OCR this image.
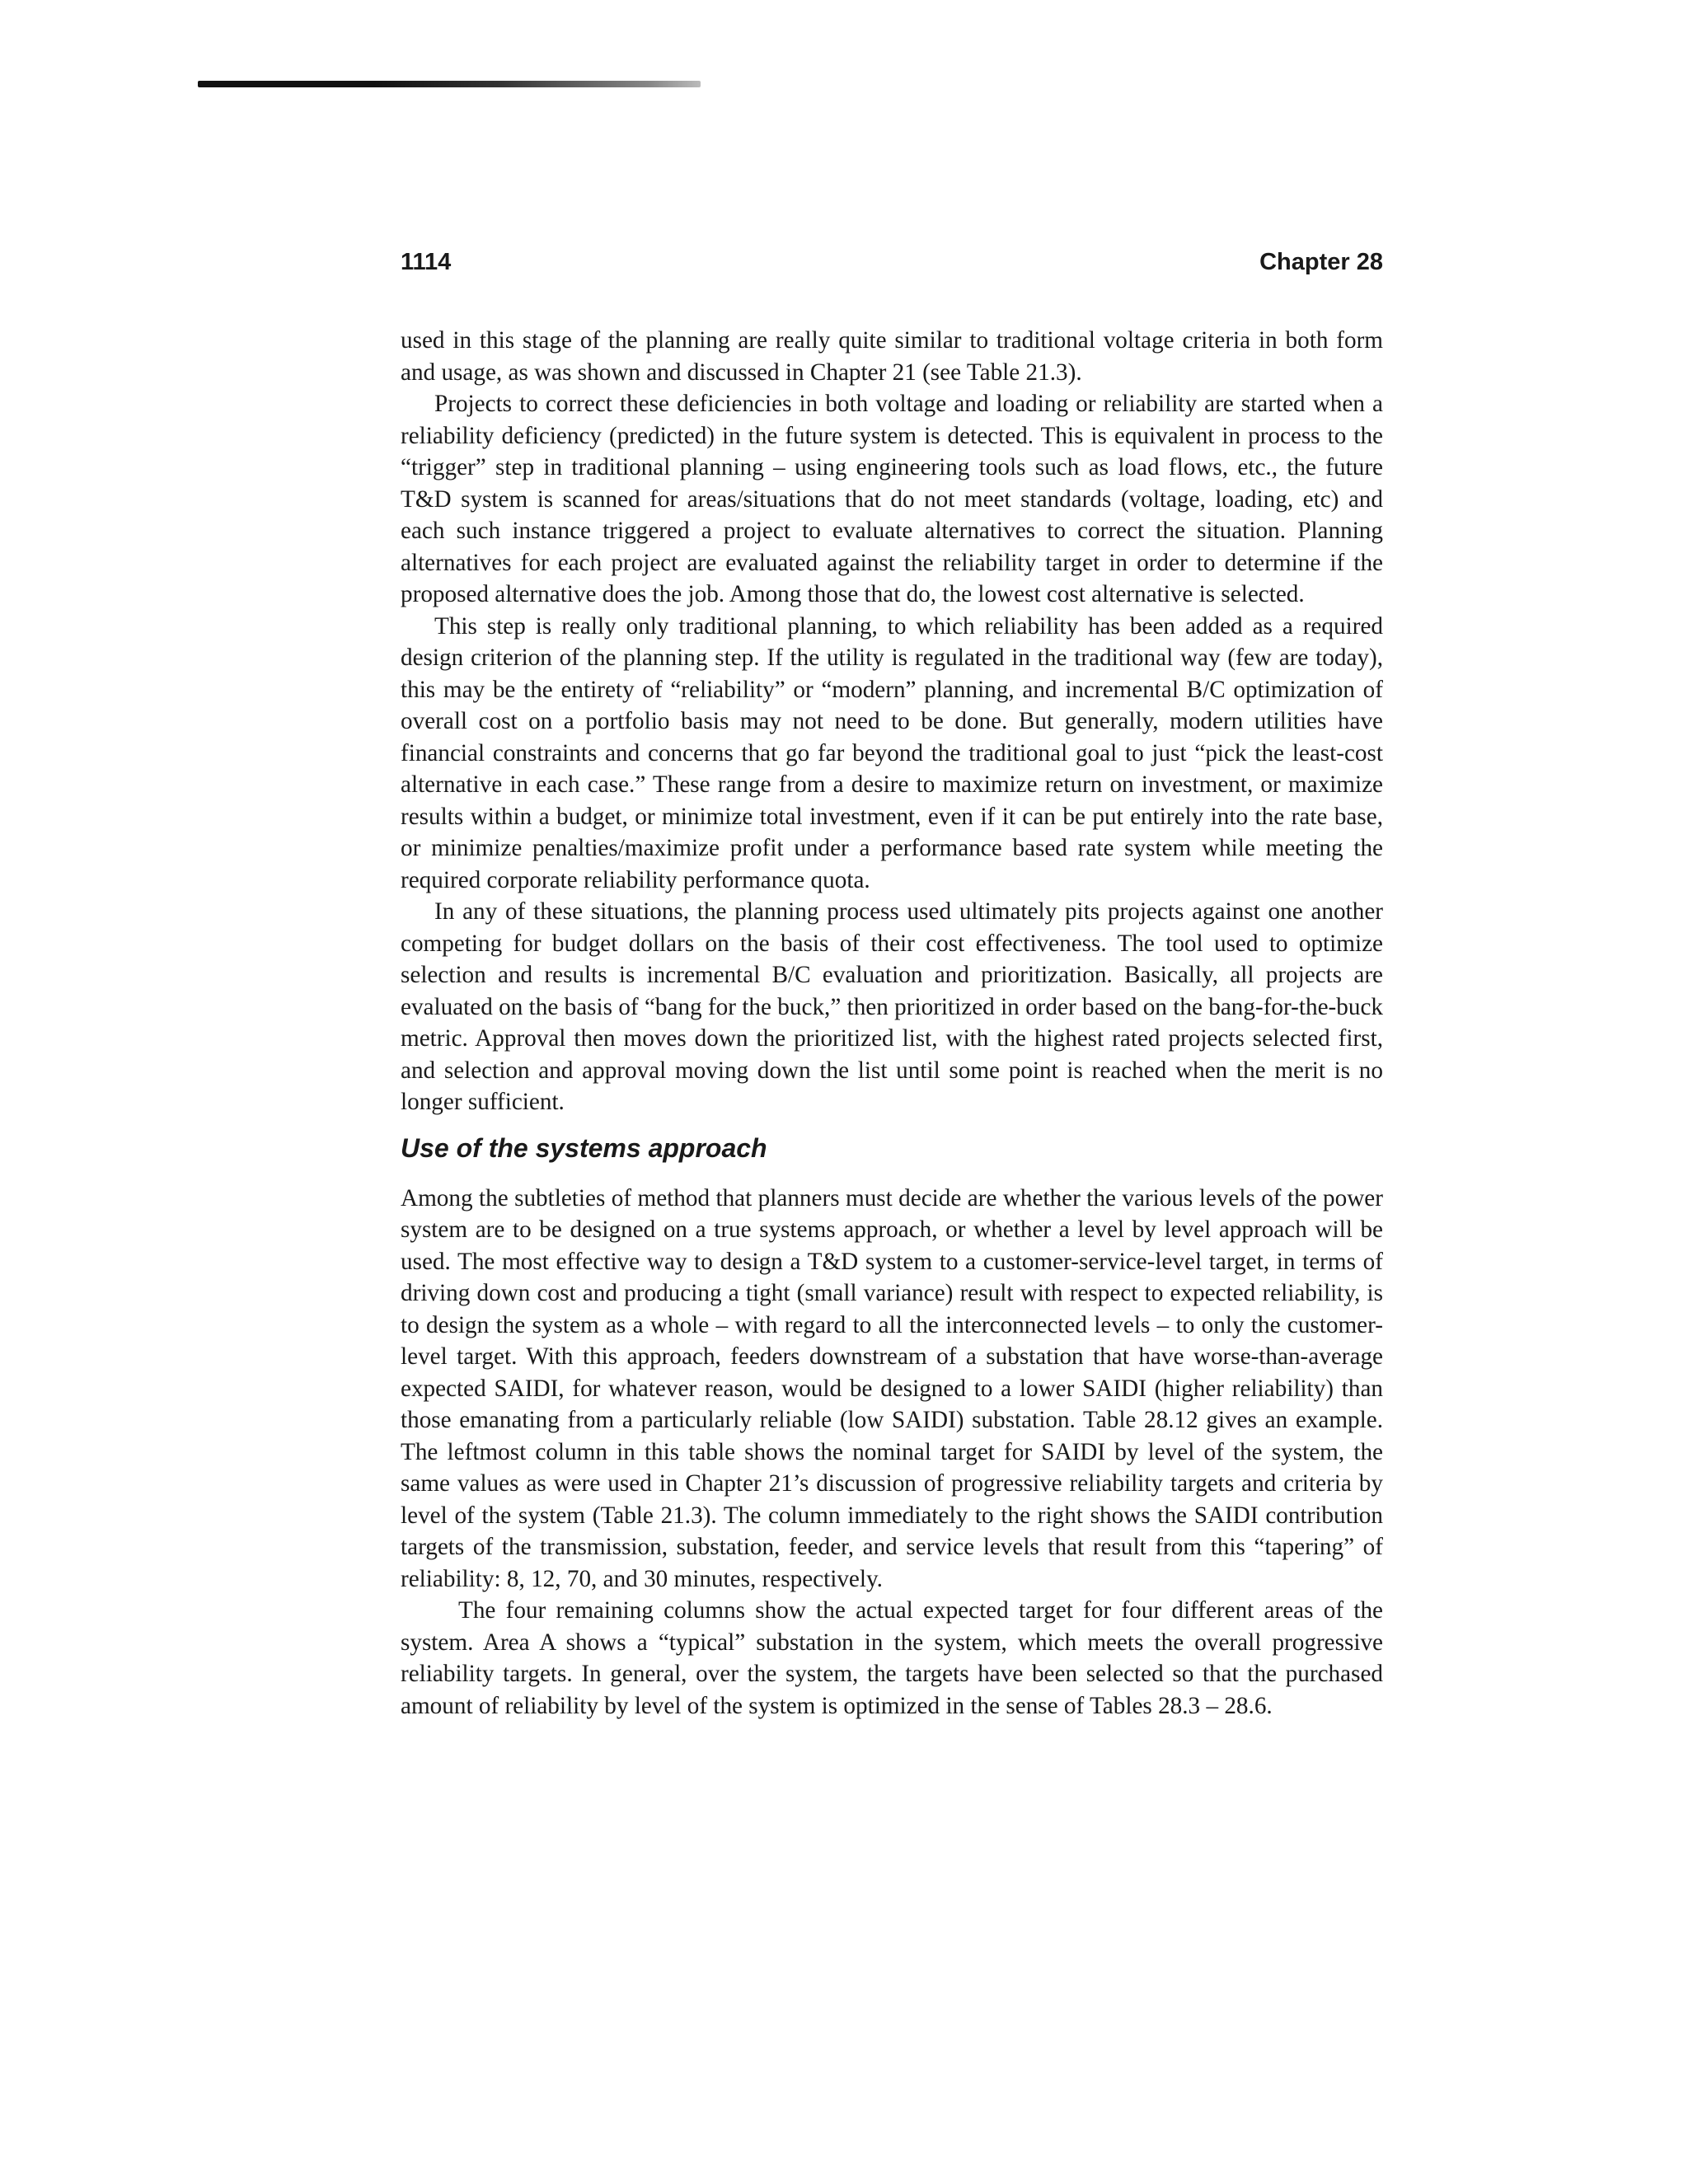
1114	Chapter 28

used in this stage of the planning are really quite similar to traditional voltage criteria in both form and usage, as was shown and discussed in Chapter 21 (see Table 21.3).

Projects to correct these deficiencies in both voltage and loading or reliability are started when a reliability deficiency (predicted) in the future system is detected. This is equivalent in process to the “trigger” step in traditional planning – using engineering tools such as load flows, etc., the future T&D system is scanned for areas/situations that do not meet standards (voltage, loading, etc) and each such instance triggered a project to evaluate alternatives to correct the situation. Planning alternatives for each project are evaluated against the reliability target in order to determine if the proposed alternative does the job. Among those that do, the lowest cost alternative is selected.

This step is really only traditional planning, to which reliability has been added as a required design criterion of the planning step. If the utility is regulated in the traditional way (few are today), this may be the entirety of “reliability” or “modern” planning, and incremental B/C optimization of overall cost on a portfolio basis may not need to be done. But generally, modern utilities have financial constraints and concerns that go far beyond the traditional goal to just “pick the least-cost alternative in each case.” These range from a desire to maximize return on investment, or maximize results within a budget, or minimize total investment, even if it can be put entirely into the rate base, or minimize penalties/maximize profit under a performance based rate system while meeting the required corporate reliability performance quota.

In any of these situations, the planning process used ultimately pits projects against one another competing for budget dollars on the basis of their cost effectiveness. The tool used to optimize selection and results is incremental B/C evaluation and prioritization. Basically, all projects are evaluated on the basis of “bang for the buck,” then prioritized in order based on the bang-for-the-buck metric. Approval then moves down the prioritized list, with the highest rated projects selected first, and selection and approval moving down the list until some point is reached when the merit is no longer sufficient.

Use of the systems approach

Among the subtleties of method that planners must decide are whether the various levels of the power system are to be designed on a true systems approach, or whether a level by level approach will be used. The most effective way to design a T&D system to a customer-service-level target, in terms of driving down cost and producing a tight (small variance) result with respect to expected reliability, is to design the system as a whole – with regard to all the interconnected levels – to only the customer-level target. With this approach, feeders downstream of a substation that have worse-than-average expected SAIDI, for whatever reason, would be designed to a lower SAIDI (higher reliability) than those emanating from a particularly reliable (low SAIDI) substation. Table 28.12 gives an example. The leftmost column in this table shows the nominal target for SAIDI by level of the system, the same values as were used in Chapter 21’s discussion of progressive reliability targets and criteria by level of the system (Table 21.3). The column immediately to the right shows the SAIDI contribution targets of the transmission, substation, feeder, and service levels that result from this “tapering” of reliability: 8, 12, 70, and 30 minutes, respectively.

The four remaining columns show the actual expected target for four different areas of the system. Area A shows a “typical” substation in the system, which meets the overall progressive reliability targets. In general, over the system, the targets have been selected so that the purchased amount of reliability by level of the system is optimized in the sense of Tables 28.3 – 28.6.
